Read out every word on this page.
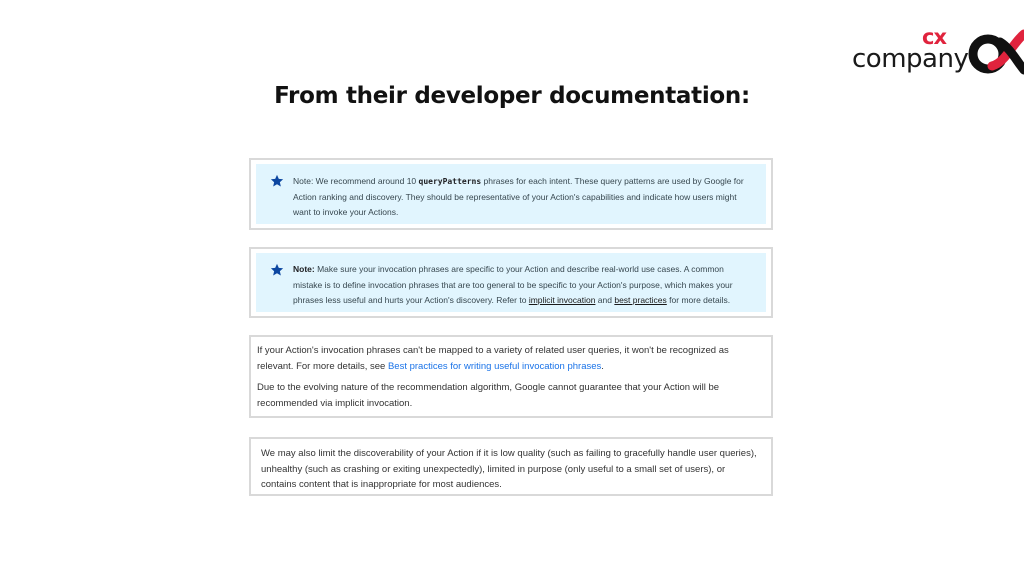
cx
company
From their developer documentation:
Note: We recommend around 10 queryPatterns phrases for each intent. These query patterns are used by Google for Action ranking and discovery. They should be representative of your Action's capabilities and indicate how users might want to invoke your Actions.
Note: Make sure your invocation phrases are specific to your Action and describe real-world use cases. A common mistake is to define invocation phrases that are too general to be specific to your Action's purpose, which makes your phrases less useful and hurts your Action's discovery. Refer to implicit invocation and best practices for more details.
If your Action's invocation phrases can't be mapped to a variety of related user queries, it won't be recognized as relevant. For more details, see Best practices for writing useful invocation phrases.
Due to the evolving nature of the recommendation algorithm, Google cannot guarantee that your Action will be recommended via implicit invocation.
We may also limit the discoverability of your Action if it is low quality (such as failing to gracefully handle user queries), unhealthy (such as crashing or exiting unexpectedly), limited in purpose (only useful to a small set of users), or contains content that is inappropriate for most audiences.
